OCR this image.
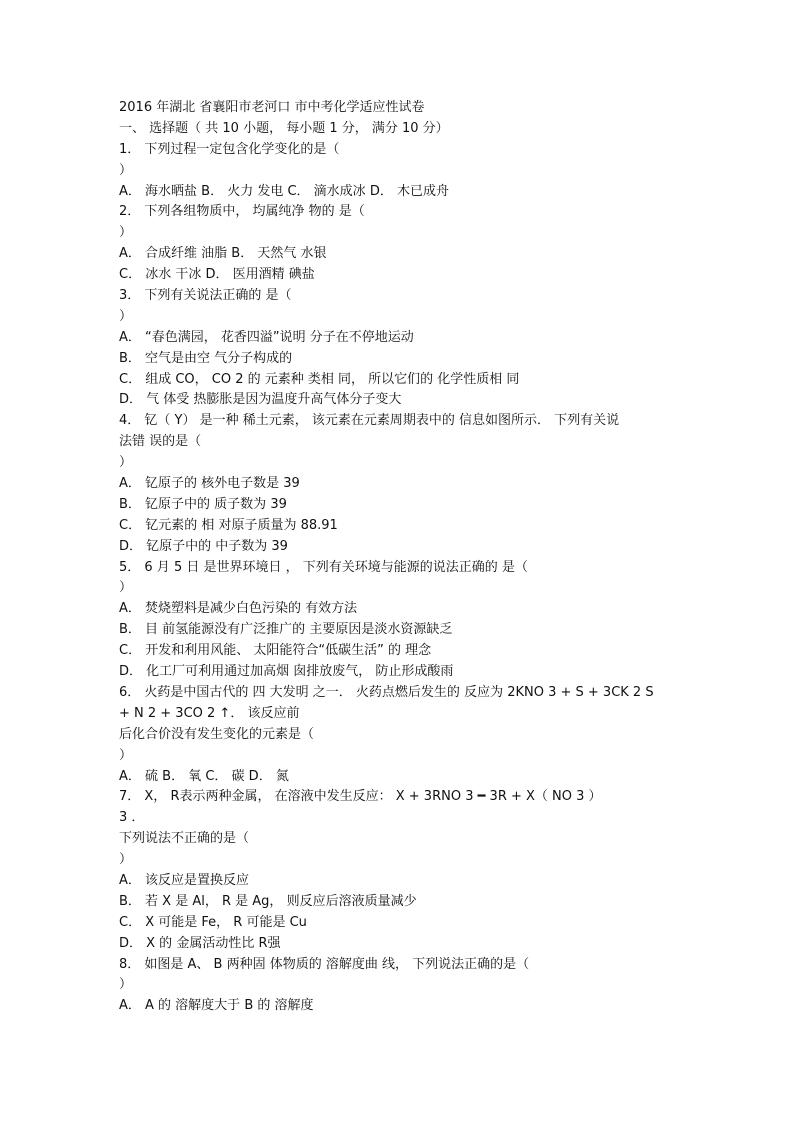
2016 年湖北 省襄阳市老河口 市中考化学适应性试卷
一、 选择题（ 共 10 小题， 每小题 1 分， 满分 10 分）
1． 下列过程一定包含化学变化的是（
）
A． 海水晒盐 B． 火力 发电 C． 滴水成冰 D． 木已成舟
2． 下列各组物质中， 均属纯净 物的 是（
）
A． 合成纤维 油脂 B． 天然气 水银
C． 冰水 干冰 D． 医用酒精 碘盐
3． 下列有关说法正确的 是（
）
A． “春色满园， 花香四溢”说明 分子在不停地运动
B． 空气是由空 气分子构成的
C． 组成 CO， CO 2 的 元素种 类相 同， 所以它们的 化学性质相 同
D． 气 体受 热膨胀是因为温度升高气体分子变大
4． 钇（ Y） 是一种 稀土元素， 该元素在元素周期表中的 信息如图所示． 下列有关说
法错 误的是（
）
A． 钇原子的 核外电子数是 39
B． 钇原子中的 质子数为 39
C． 钇元素的 相 对原子质量为 88.91
D． 钇原子中的 中子数为 39
5． 6 月 5 日 是世界环境日 ， 下列有关环境与能源的说法正确的 是（
）
A． 焚烧塑料是减少白色污染的 有效方法
B． 目 前氢能源没有广泛推广的 主要原因是淡水资源缺乏
C． 开发和利用风能、 太阳能符合“低碳生活” 的 理念
D． 化工厂可利用通过加高烟 囱排放废气， 防止形成酸雨
6． 火药是中国古代的 四 大发明 之一． 火药点燃后发生的 反应为 2KNO 3 + S + 3CK 2 S
+ N 2 + 3CO 2 ↑． 该反应前
后化合价没有发生变化的元素是（
）
A． 硫 B． 氧 C． 碳 D． 氮
7． X， R表示两种金属， 在溶液中发生反应： X + 3RNO 3 ━ 3R + X（ NO 3 ）
3 ．
下列说法不正确的是（
）
A． 该反应是置换反应
B． 若 X 是 Al， R 是 Ag， 则反应后溶液质量减少
C． X 可能是 Fe， R 可能是 Cu
D． X 的 金属活动性比 R强
8． 如图是 A、 B 两种固 体物质的 溶解度曲 线， 下列说法正确的是（
）
A． A 的 溶解度大于 B 的 溶解度
